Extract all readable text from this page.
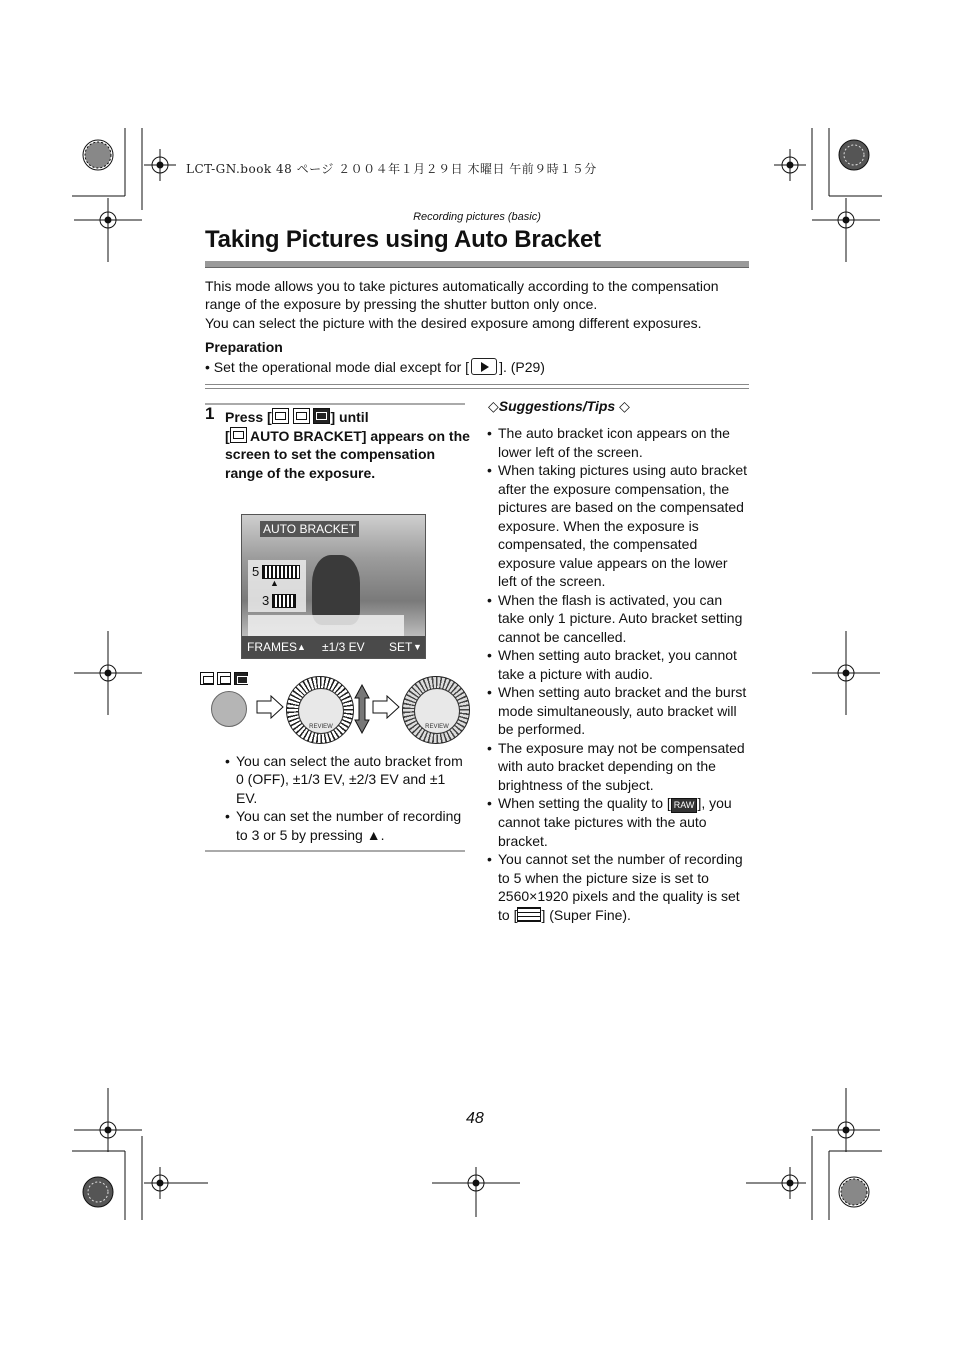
LCT-GN.book 48 ページ ２００４年１月２９日 木曜日 午前９時１５分
Recording pictures (basic)
Taking Pictures using Auto Bracket

This mode allows you to take pictures automatically according to the compensation range of the exposure by pressing the shutter button only once.

You can select the picture with the desired exposure among different exposures.

Preparation
• Set the operational mode dial except for [ ]. (P29)
1 Press [	] until
[ AUTO BRACKET] appears on the screen to set the compensation range of the exposure.
AUTO BRACKET
5
▲
3
FRAMES ▲ ±1/3 EV SET ▼

REVIEW	REVIEW
• You can select the auto bracket from 0 (OFF), ±1/3 EV, ±2/3 EV and ±1 EV.
• You can set the number of recording to 3 or 5 by pressing ▲.
◇Suggestions/Tips ◇
• The auto bracket icon appears on the lower left of the screen.
• When taking pictures using auto bracket after the exposure compensation, the pictures are based on the compensated exposure. When the exposure is compensated, the compensated exposure value appears on the lower left of the screen.
• When the flash is activated, you can take only 1 picture. Auto bracket setting cannot be cancelled.
• When setting auto bracket, you cannot take a picture with audio.
• When setting auto bracket and the burst mode simultaneously, auto bracket will be performed.
• The exposure may not be compensated with auto bracket depending on the brightness of the subject.
• When setting the quality to [ RAW ], you cannot take pictures with the auto bracket.
• You cannot set the number of recording to 5 when the picture size is set to 2560×1920 pixels and the quality is set to [ ] (Super Fine).
48
